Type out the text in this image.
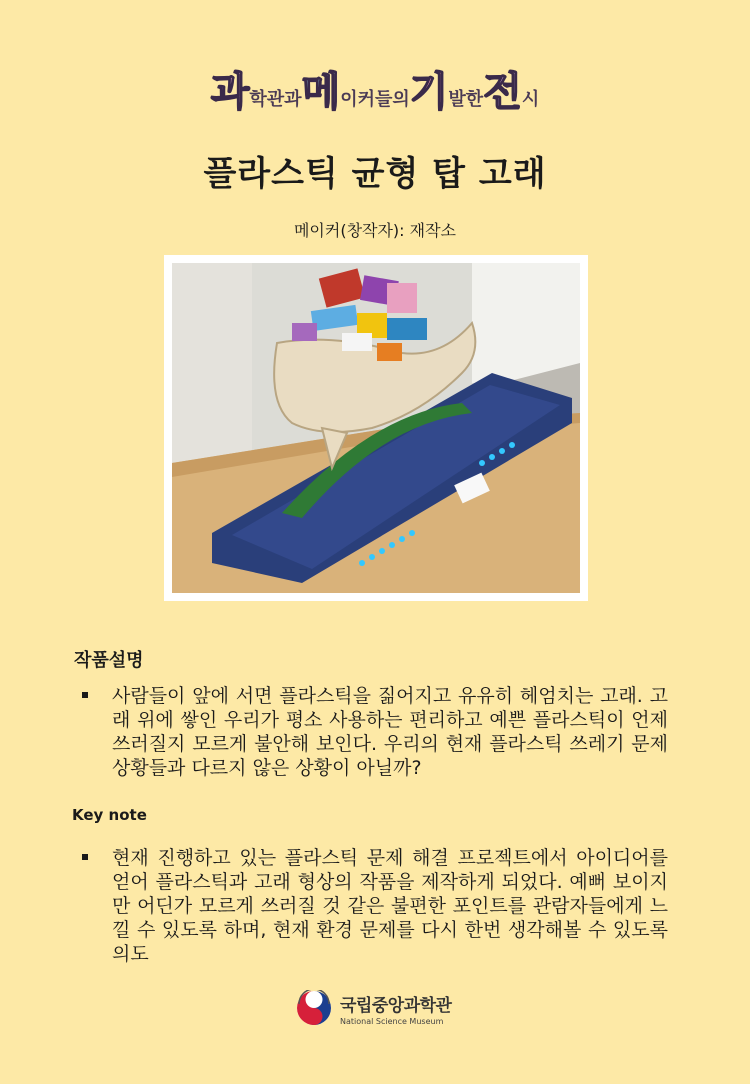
과학관과메이커들의기발한전시
플라스틱 균형 탑 고래
메이커(창작자): 재작소
작품설명
사람들이 앞에 서면 플라스틱을 짊어지고 유유히 헤엄치는 고래. 고래 위에 쌓인 우리가 평소 사용하는 편리하고 예쁜 플라스틱이 언제 쓰러질지 모르게 불안해 보인다. 우리의 현재 플라스틱 쓰레기 문제 상황들과 다르지 않은 상황이 아닐까?
Key note
현재 진행하고 있는 플라스틱 문제 해결 프로젝트에서 아이디어를 얻어 플라스틱과 고래 형상의 작품을 제작하게 되었다. 예뻐 보이지만 어딘가 모르게 쓰러질 것 같은 불편한 포인트를 관람자들에게 느낄 수 있도록 하며, 현재 환경 문제를 다시 한번 생각해볼 수 있도록 의도
국립중앙과학관
National Science Museum
